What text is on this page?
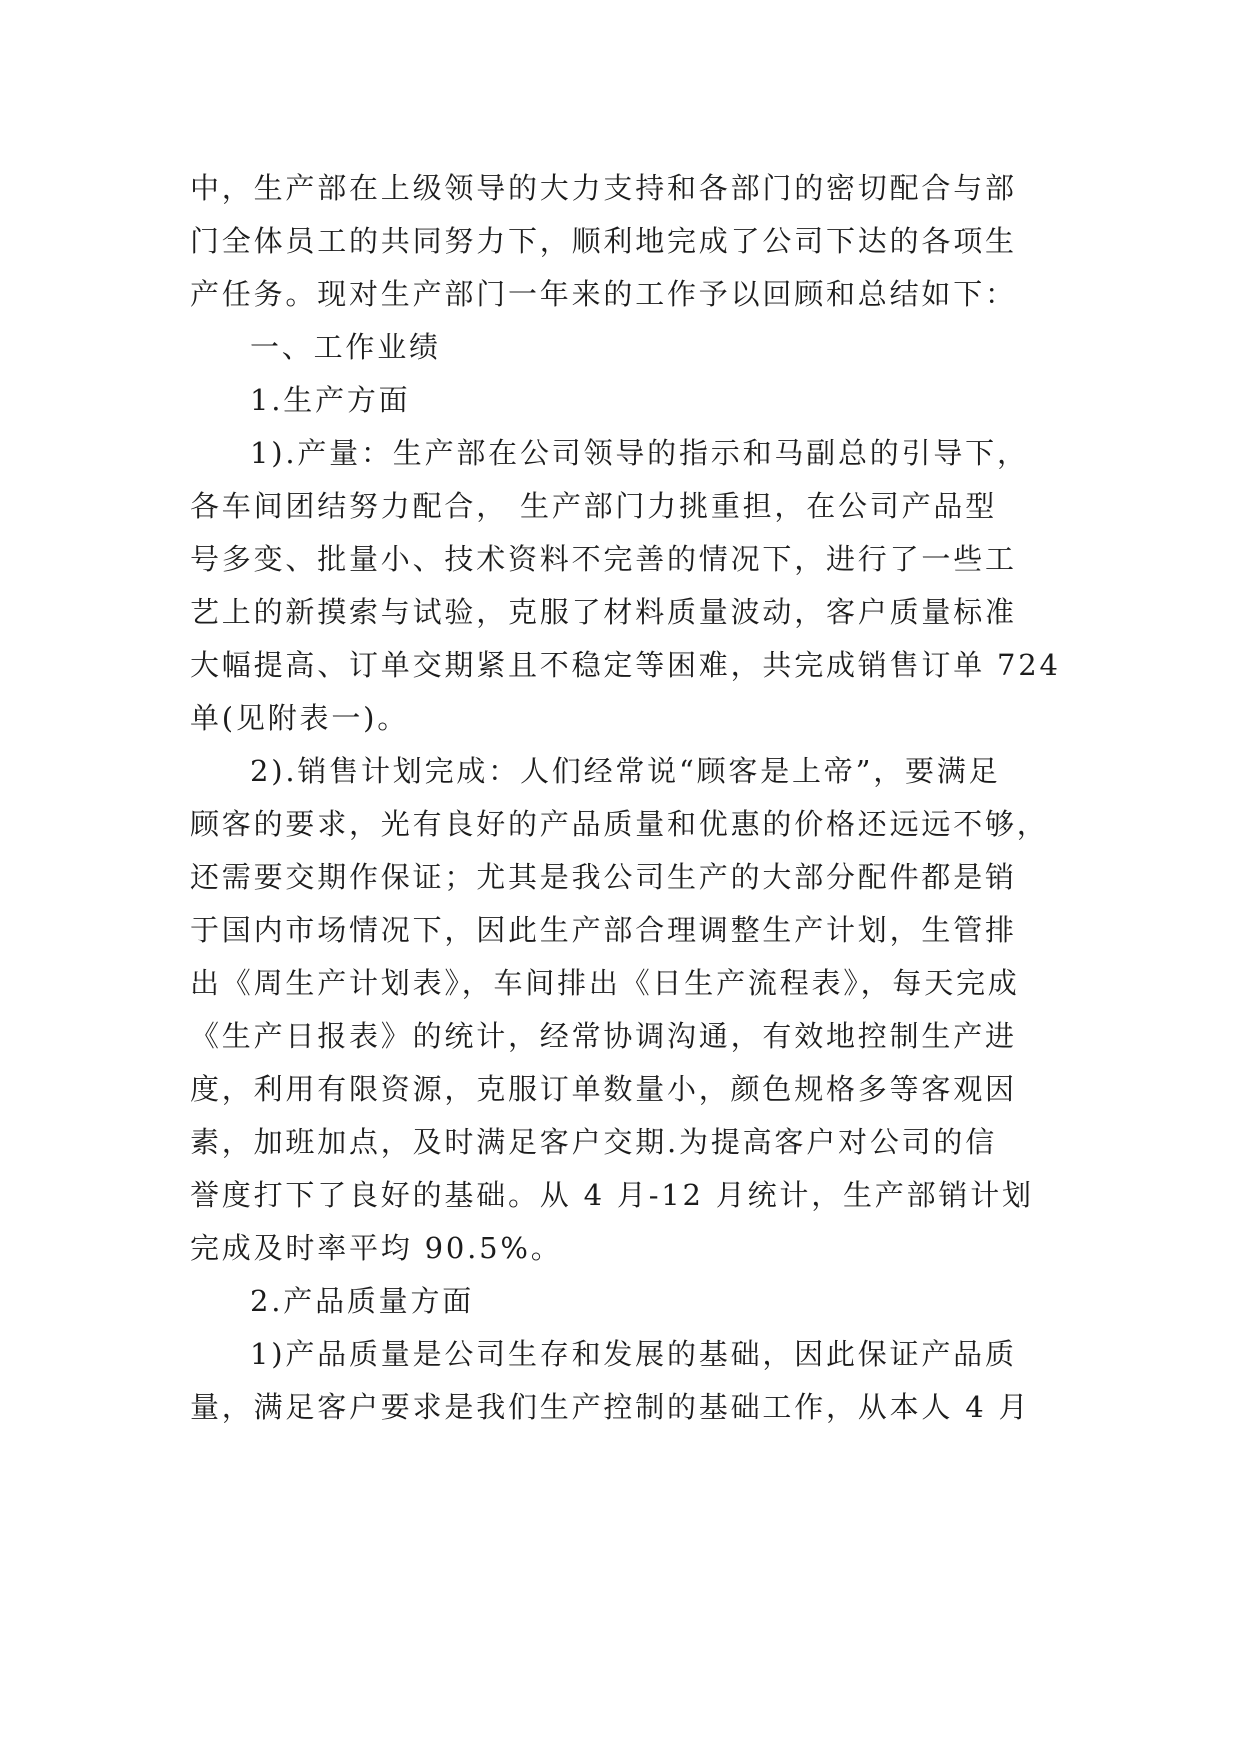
中，生产部在上级领导的大力支持和各部门的密切配合与部
门全体员工的共同努力下，顺利地完成了公司下达的各项生
产任务。现对生产部门一年来的工作予以回顾和总结如下：
一、工作业绩
1.生产方面
1).产量：生产部在公司领导的指示和马副总的引导下，
各车间团结努力配合， 生产部门力挑重担，在公司产品型
号多变、批量小、技术资料不完善的情况下，进行了一些工
艺上的新摸索与试验，克服了材料质量波动，客户质量标准
大幅提高、订单交期紧且不稳定等困难，共完成销售订单 724
单(见附表一)。
2).销售计划完成：人们经常说“顾客是上帝”，要满足
顾客的要求，光有良好的产品质量和优惠的价格还远远不够，
还需要交期作保证；尤其是我公司生产的大部分配件都是销
于国内市场情况下，因此生产部合理调整生产计划，生管排
出《周生产计划表》，车间排出《日生产流程表》，每天完成
《生产日报表》的统计，经常协调沟通，有效地控制生产进
度，利用有限资源，克服订单数量小，颜色规格多等客观因
素，加班加点，及时满足客户交期.为提高客户对公司的信
誉度打下了良好的基础。从 4 月-12 月统计，生产部销计划
完成及时率平均 90.5%。
2.产品质量方面
1)产品质量是公司生存和发展的基础，因此保证产品质
量，满足客户要求是我们生产控制的基础工作，从本人 4 月
